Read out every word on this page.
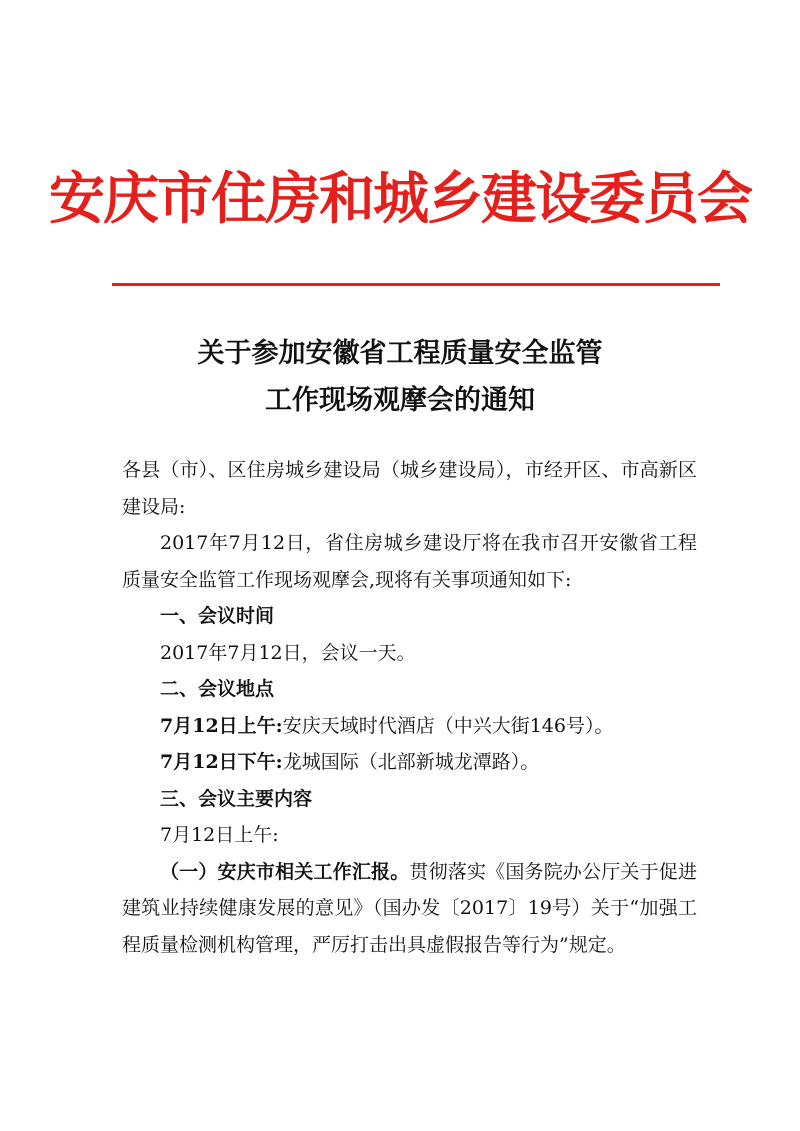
安庆市住房和城乡建设委员会
关于参加安徽省工程质量安全监管
工作现场观摩会的通知

各县（市）、区住房城乡建设局（城乡建设局），市经开区、市高新区建设局:

2017年7月12日，省住房城乡建设厅将在我市召开安徽省工程质量安全监管工作现场观摩会,现将有关事项通知如下:

一、会议时间

2017年7月12日，会议一天。

二、会议地点

7月12日上午:安庆天域时代酒店（中兴大街146号）。

7月12日下午:龙城国际（北部新城龙潭路）。

三、会议主要内容

7月12日上午:

（一）安庆市相关工作汇报。贯彻落实《国务院办公厅关于促进建筑业持续健康发展的意见》（国办发〔2017〕19号）关于“加强工程质量检测机构管理，严厉打击出具虚假报告等行为”规定。
